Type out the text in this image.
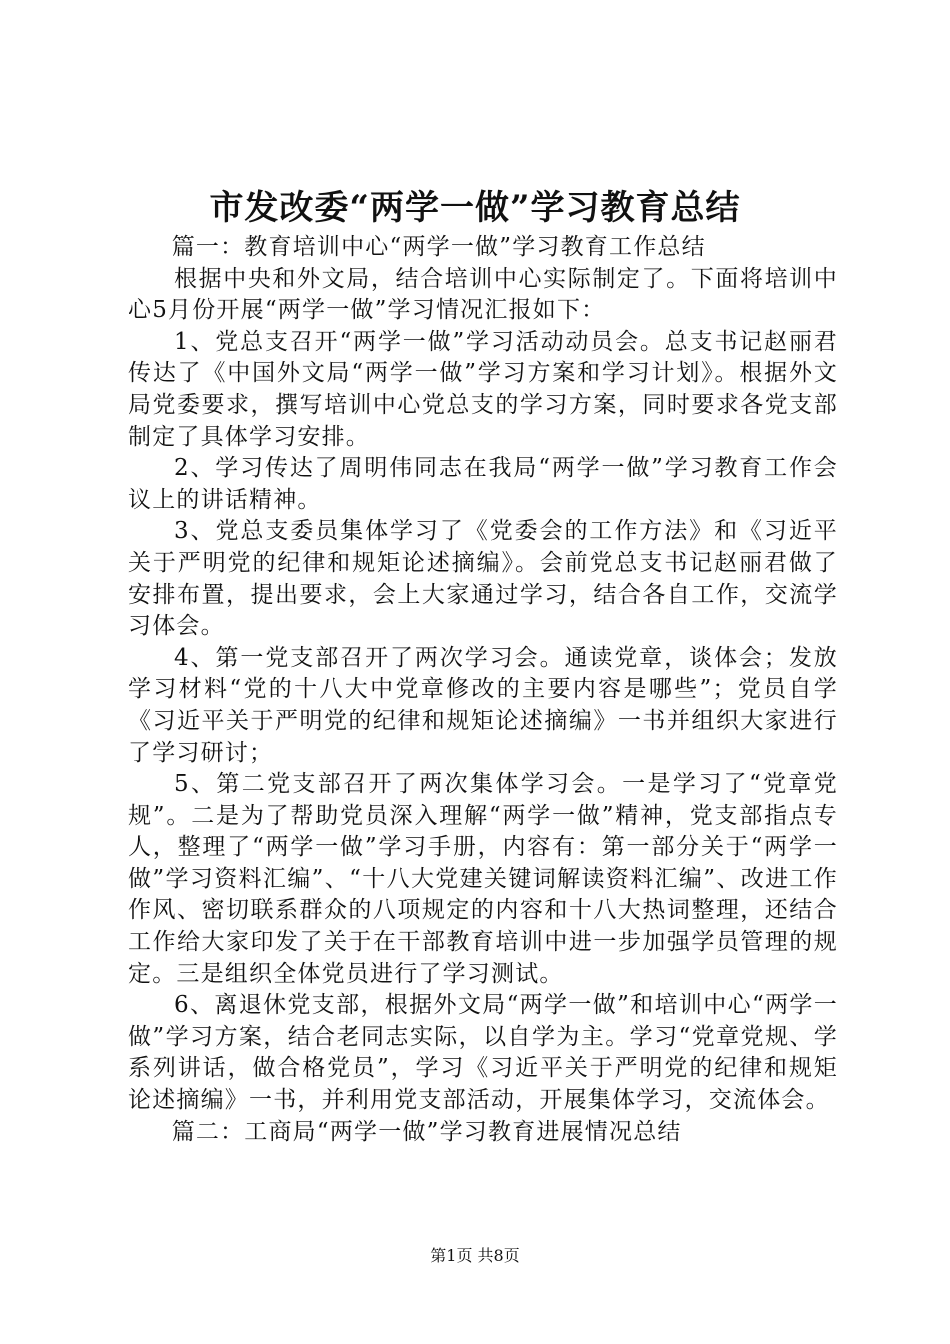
市发改委“两学一做”学习教育总结

篇一：教育培训中心“两学一做”学习教育工作总结

根据中央和外文局，结合培训中心实际制定了。下面将培训中心5月份开展“两学一做”学习情况汇报如下：

1、党总支召开“两学一做”学习活动动员会。总支书记赵丽君传达了《中国外文局“两学一做”学习方案和学习计划》。根据外文局党委要求，撰写培训中心党总支的学习方案，同时要求各党支部制定了具体学习安排。

2、学习传达了周明伟同志在我局“两学一做”学习教育工作会议上的讲话精神。

3、党总支委员集体学习了《党委会的工作方法》和《习近平关于严明党的纪律和规矩论述摘编》。会前党总支书记赵丽君做了安排布置，提出要求，会上大家通过学习，结合各自工作，交流学习体会。

4、第一党支部召开了两次学习会。通读党章，谈体会；发放学习材料“党的十八大中党章修改的主要内容是哪些”；党员自学《习近平关于严明党的纪律和规矩论述摘编》一书并组织大家进行了学习研讨；

5、第二党支部召开了两次集体学习会。一是学习了“党章党规”。二是为了帮助党员深入理解“两学一做”精神，党支部指点专人，整理了“两学一做”学习手册，内容有：第一部分关于“两学一做”学习资料汇编”、“十八大党建关键词解读资料汇编”、改进工作作风、密切联系群众的八项规定的内容和十八大热词整理，还结合工作给大家印发了关于在干部教育培训中进一步加强学员管理的规定。三是组织全体党员进行了学习测试。

6、离退休党支部，根据外文局“两学一做”和培训中心“两学一做”学习方案，结合老同志实际，以自学为主。学习“党章党规、学系列讲话，做合格党员”，学习《习近平关于严明党的纪律和规矩论述摘编》一书，并利用党支部活动，开展集体学习，交流体会。

篇二：工商局“两学一做”学习教育进展情况总结

第1页 共8页
